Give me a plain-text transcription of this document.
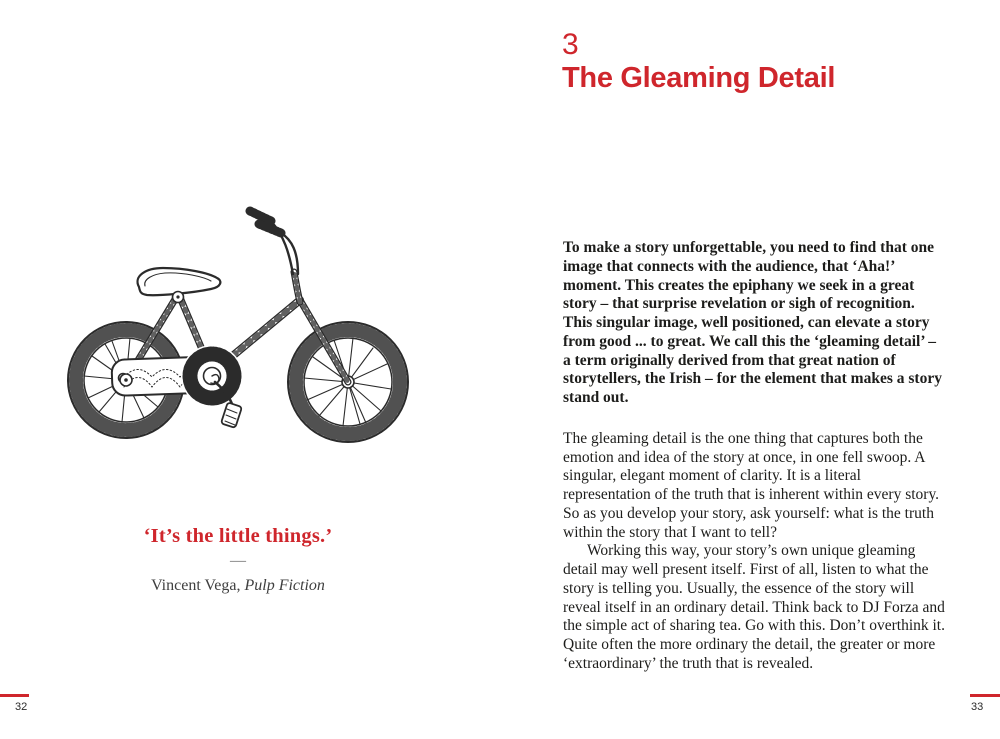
‘It’s the little things.’
—
Vincent Vega, Pulp Fiction
3
The Gleaming Detail

To make a story unforgettable, you need to find that one image that connects with the audience, that ‘Aha!’ moment. This creates the epiphany we seek in a great story – that surprise revelation or sigh of recognition. This singular image, well positioned, can elevate a story from good ... to great. We call this the ‘gleaming detail’ – a term originally derived from that great nation of storytellers, the Irish – for the element that makes a story stand out.

The gleaming detail is the one thing that captures both the emotion and idea of the story at once, in one fell swoop. A singular, elegant moment of clarity. It is a literal representation of the truth that is inherent within every story. So as you develop your story, ask yourself: what is the truth within the story that I want to tell?

Working this way, your story’s own unique gleaming detail may well present itself. First of all, listen to what the story is telling you. Usually, the essence of the story will reveal itself in an ordinary detail. Think back to DJ Forza and the simple act of sharing tea. Go with this. Don’t overthink it. Quite often the more ordinary the detail, the greater or more ‘extraordinary’ the truth that is revealed.

32	33
